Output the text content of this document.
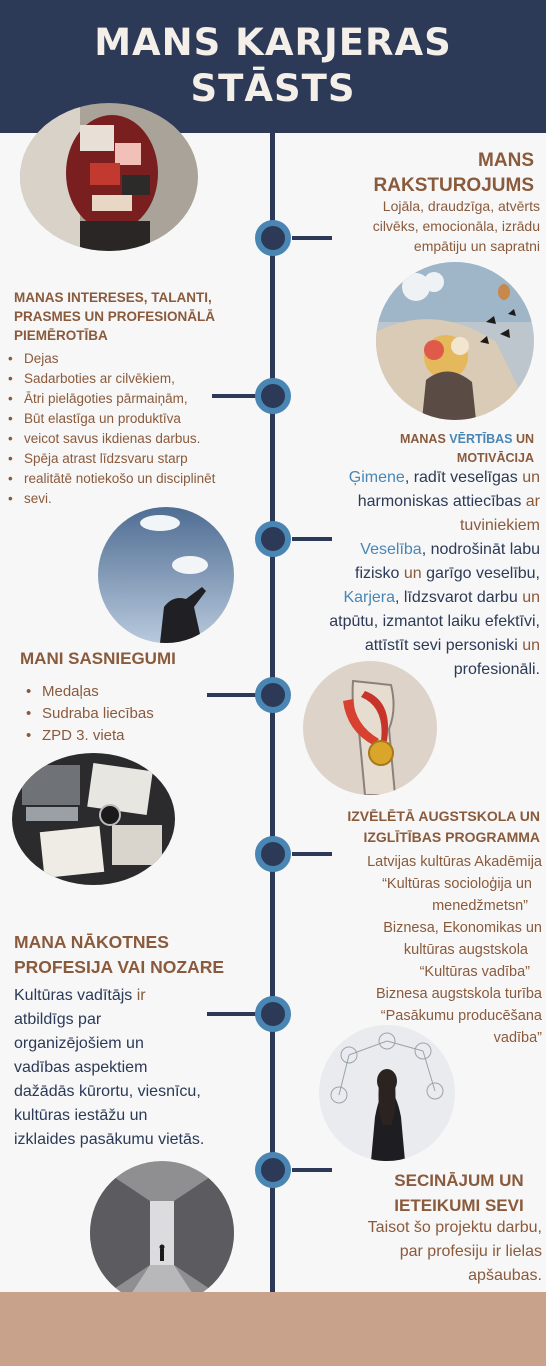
MANS KARJERAS
STĀSTS
MANS
RAKSTUROJUMS
Lojāla, draudzīga, atvērts
cilvēks, emocionāla, izrādu
empātiju un sapratni
MANAS INTERESES, TALANTI,
PRASMES UN PROFESIONĀLĀ
PIEMĒROTĪBA
• Dejas
• Sadarboties ar cilvēkiem,
• Ātri pielāgoties pārmaiņām,
• Būt elastīga un produktīva
• veicot savus ikdienas darbus.
• Spēja atrast līdzsvaru starp
• realitātē notiekošo un disciplinēt
• sevi.
MANAS VĒRTĪBAS UN
MOTIVĀCIJA
Ģimene, radīt veselīgas un
harmoniskas attiecības ar
tuviniekiem
Veselība, nodrošināt labu
fizisko un garīgo veselību,
Karjera, līdzsvarot darbu un
atpūtu, izmantot laiku efektīvi,
attīstīt sevi personiski un
profesionāli.
MANI SASNIEGUMI
• Medaļas
• Sudraba liecības
• ZPD 3. vieta
IZVĒLĒTĀ AUGSTSKOLA UN
IZGLĪTĪBAS PROGRAMMA
Latvijas kultūras Akadēmija
“Kultūras socioloģija un
menedžmetsn”
Biznesa, Ekonomikas un
kultūras augstskola
“Kultūras vadība”
Biznesa augstskola turība
“Pasākumu producēšana
vadība”
MANA NĀKOTNES
PROFESIJA VAI NOZARE
Kultūras vadītājs ir
atbildīgs par
organizējošiem un
vadības aspektiem
dažādās kūrortu, viesnīcu,
kultūras iestāžu un
izklaides pasākumu vietās.
SECINĀJUM UN
IETEIKUMI SEVI
Taisot šo projektu darbu,
par profesiju ir lielas
apšaubas.
